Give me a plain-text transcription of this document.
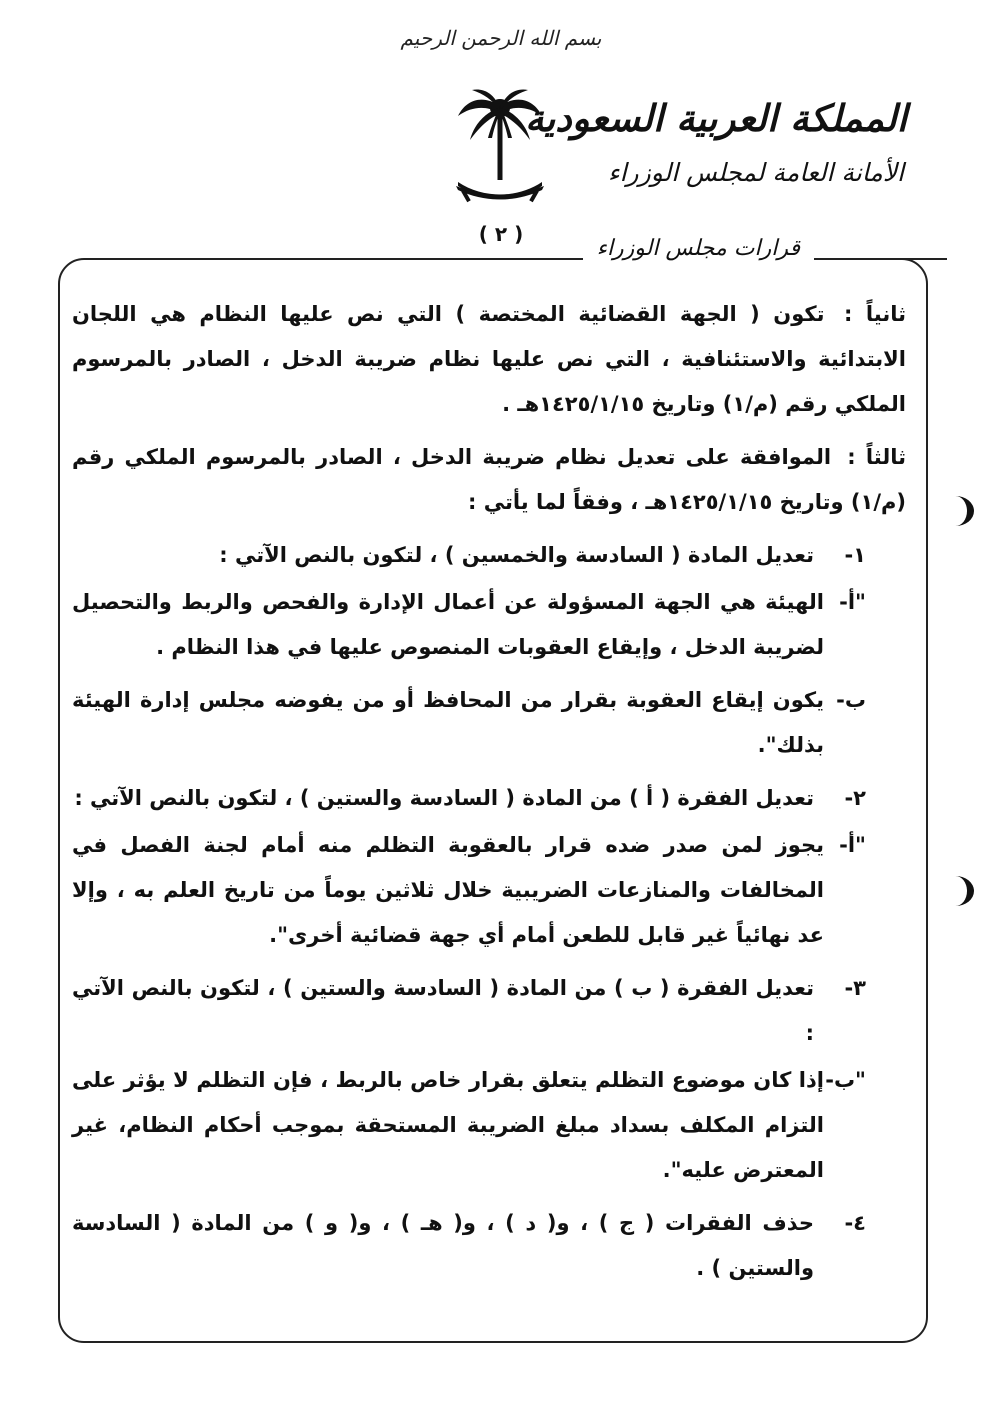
بسم الله الرحمن الرحيم
المملكة العربية السعودية
الأمانة العامة لمجلس الوزراء
( ٢ )
قرارات مجلس الوزراء

ثانياً : تكون ( الجهة القضائية المختصة ) التي نص عليها النظام هي اللجان الابتدائية والاستئنافية ، التي نص عليها نظام ضريبة الدخل ، الصادر بالمرسوم الملكي رقم (م/١) وتاريخ ١٤٢٥/١/١٥هـ .

ثالثاً : الموافقة على تعديل نظام ضريبة الدخل ، الصادر بالمرسوم الملكي رقم (م/١) وتاريخ ١٤٢٥/١/١٥هـ ، وفقاً لما يأتي :

١-
تعديل المادة ( السادسة والخمسين ) ، لتكون بالنص الآتي :
"أ-
الهيئة هي الجهة المسؤولة عن أعمال الإدارة والفحص والربط والتحصيل لضريبة الدخل ، وإيقاع العقوبات المنصوص عليها في هذا النظام .
ب-
يكون إيقاع العقوبة بقرار من المحافظ أو من يفوضه مجلس إدارة الهيئة بذلك".
٢-
تعديل الفقرة ( أ ) من المادة ( السادسة والستين ) ، لتكون بالنص الآتي :
"أ-
يجوز لمن صدر ضده قرار بالعقوبة التظلم منه أمام لجنة الفصل في المخالفات والمنازعات الضريبية خلال ثلاثين يوماً من تاريخ العلم به ، وإلا عد نهائياً غير قابل للطعن أمام أي جهة قضائية أخرى".
٣-
تعديل الفقرة ( ب ) من المادة ( السادسة والستين ) ، لتكون بالنص الآتي :
"ب-
إذا كان موضوع التظلم يتعلق بقرار خاص بالربط ، فإن التظلم لا يؤثر على التزام المكلف بسداد مبلغ الضريبة المستحقة بموجب أحكام النظام، غير المعترض عليه".
٤-
حذف الفقرات ( ج ) ، و( د ) ، و( هـ ) ، و( و ) من المادة ( السادسة والستين ) .
